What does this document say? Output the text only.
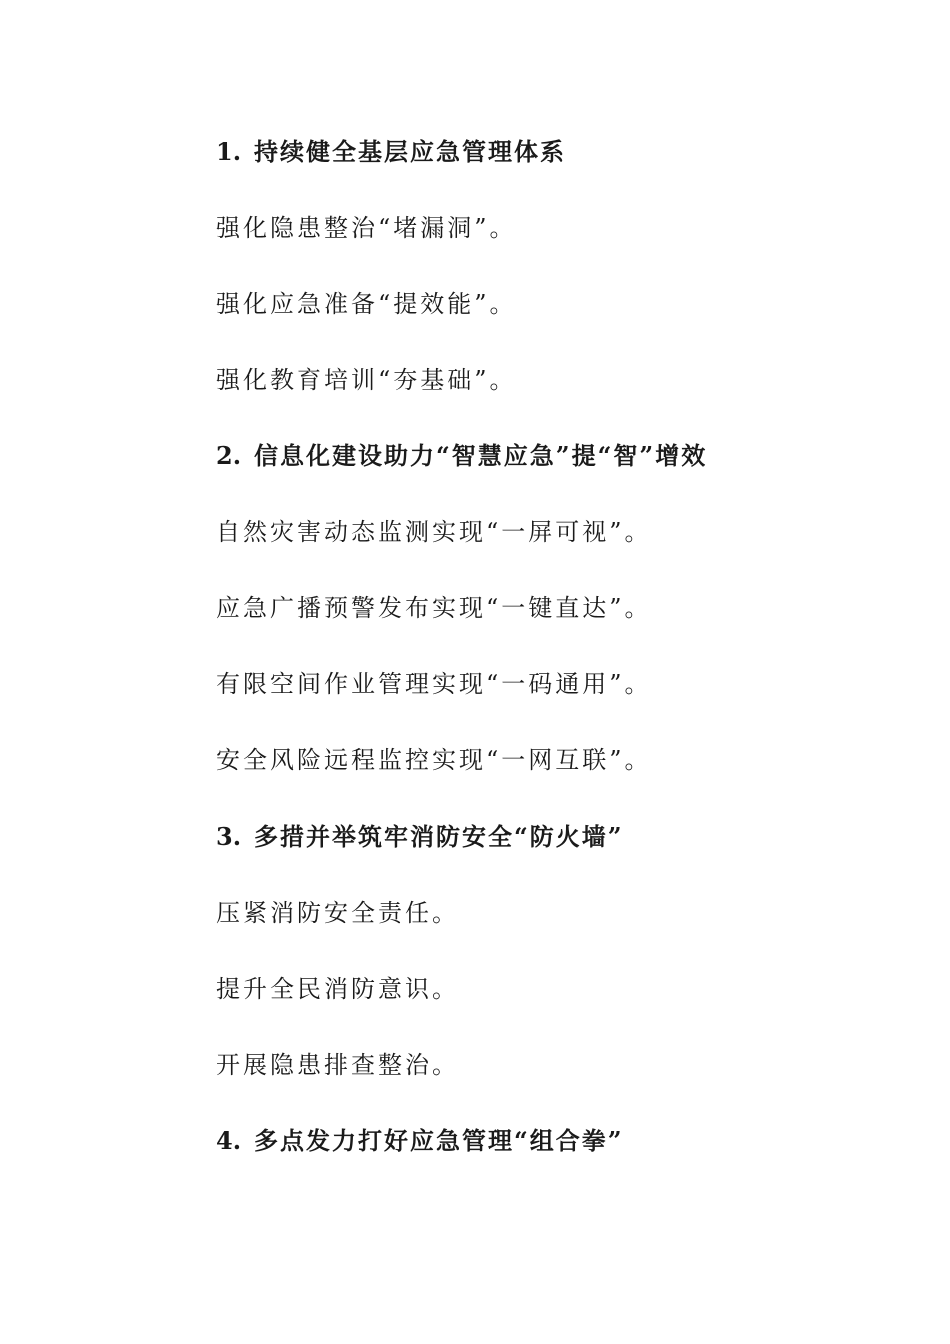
1. 持续健全基层应急管理体系
强化隐患整治“堵漏洞”。
强化应急准备“提效能”。
强化教育培训“夯基础”。
2. 信息化建设助力“智慧应急”提“智”增效
自然灾害动态监测实现“一屏可视”。
应急广播预警发布实现“一键直达”。
有限空间作业管理实现“一码通用”。
安全风险远程监控实现“一网互联”。
3. 多措并举筑牢消防安全“防火墙”
压紧消防安全责任。
提升全民消防意识。
开展隐患排查整治。
4. 多点发力打好应急管理“组合拳”
